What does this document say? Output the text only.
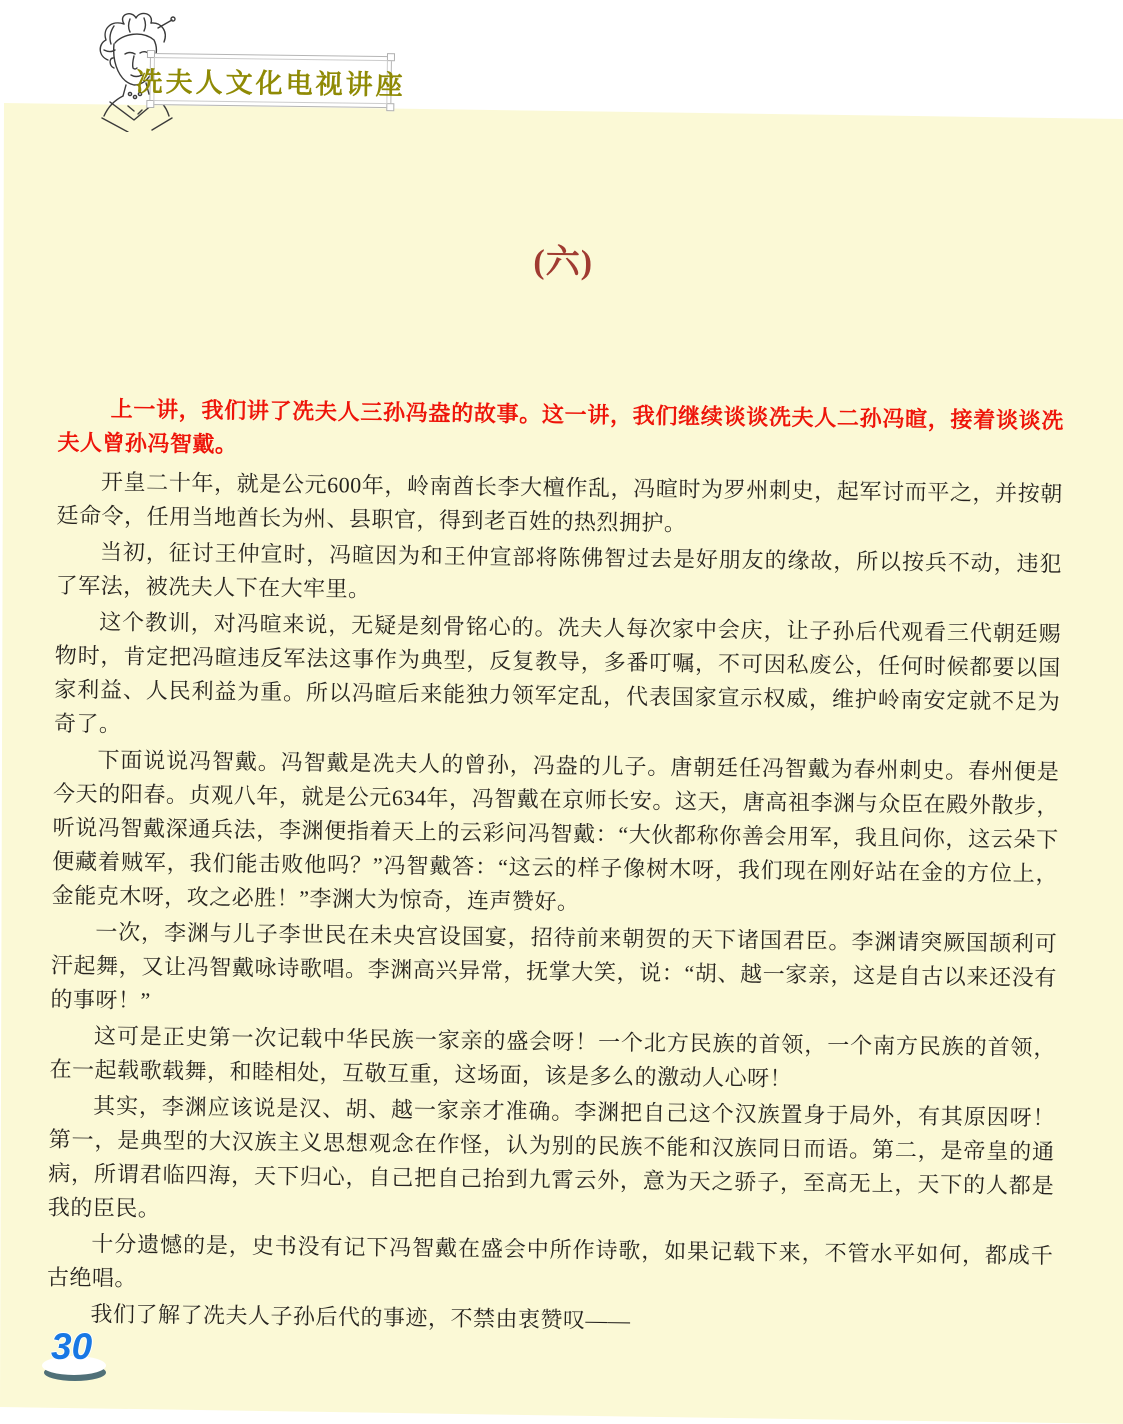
冼夫人文化电视讲座
(六)

上一讲，我们讲了冼夫人三孙冯盎的故事。这一讲，我们继续谈谈冼夫人二孙冯暄，接着谈谈冼夫人曾孙冯智戴。

开皇二十年，就是公元600年，岭南酋长李大檀作乱，冯暄时为罗州刺史，起军讨而平之，并按朝廷命令，任用当地酋长为州、县职官，得到老百姓的热烈拥护。

当初，征讨王仲宣时，冯暄因为和王仲宣部将陈佛智过去是好朋友的缘故，所以按兵不动，违犯了军法，被冼夫人下在大牢里。

这个教训，对冯暄来说，无疑是刻骨铭心的。冼夫人每次家中会庆，让子孙后代观看三代朝廷赐物时，肯定把冯暄违反军法这事作为典型，反复教导，多番叮嘱，不可因私废公，任何时候都要以国家利益、人民利益为重。所以冯暄后来能独力领军定乱，代表国家宣示权威，维护岭南安定就不足为奇了。

下面说说冯智戴。冯智戴是冼夫人的曾孙，冯盎的儿子。唐朝廷任冯智戴为春州刺史。春州便是今天的阳春。贞观八年，就是公元634年，冯智戴在京师长安。这天，唐高祖李渊与众臣在殿外散步，听说冯智戴深通兵法，李渊便指着天上的云彩问冯智戴：“大伙都称你善会用军，我且问你，这云朵下便藏着贼军，我们能击败他吗？”冯智戴答：“这云的样子像树木呀，我们现在刚好站在金的方位上，金能克木呀，攻之必胜！”李渊大为惊奇，连声赞好。

一次，李渊与儿子李世民在未央宫设国宴，招待前来朝贺的天下诸国君臣。李渊请突厥国颉利可汗起舞，又让冯智戴咏诗歌唱。李渊高兴异常，抚掌大笑，说：“胡、越一家亲，这是自古以来还没有的事呀！”

这可是正史第一次记载中华民族一家亲的盛会呀！一个北方民族的首领，一个南方民族的首领，在一起载歌载舞，和睦相处，互敬互重，这场面，该是多么的激动人心呀！

其实，李渊应该说是汉、胡、越一家亲才准确。李渊把自己这个汉族置身于局外，有其原因呀！第一，是典型的大汉族主义思想观念在作怪，认为别的民族不能和汉族同日而语。第二，是帝皇的通病，所谓君临四海，天下归心，自己把自己抬到九霄云外，意为天之骄子，至高无上，天下的人都是我的臣民。

十分遗憾的是，史书没有记下冯智戴在盛会中所作诗歌，如果记载下来，不管水平如何，都成千古绝唱。

我们了解了冼夫人子孙后代的事迹，不禁由衷赞叹——

30
